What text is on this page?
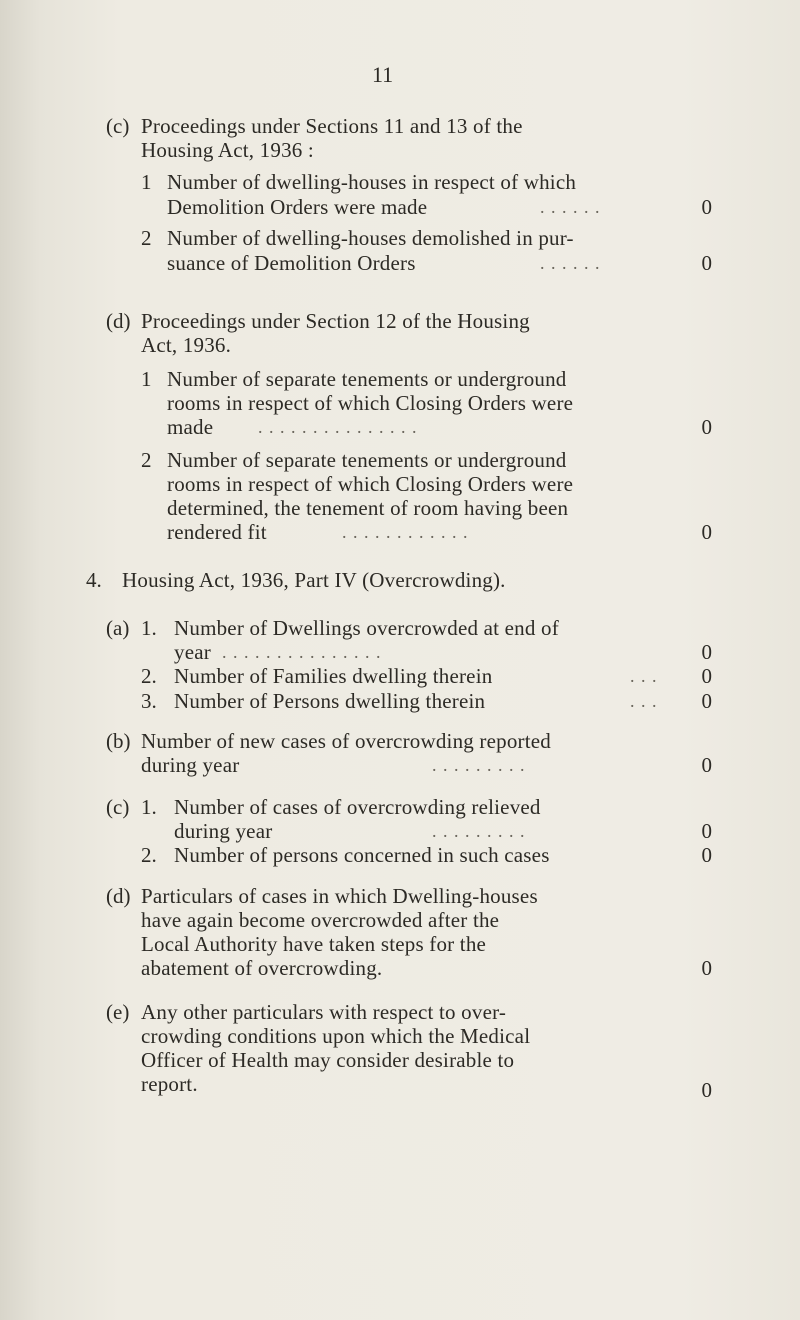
11
(c) Proceedings under Sections 11 and 13 of the
Housing Act, 1936 :
1 Number of dwelling-houses in respect of which
Demolition Orders were made	. . . . . .	0
2 Number of dwelling-houses demolished in pur-
suance of Demolition Orders	. . . . . .	0
(d) Proceedings under Section 12 of the Housing
Act, 1936.
1 Number of separate tenements or underground
rooms in respect of which Closing Orders were
made . . . . . . . . . . . . . . .	0
2 Number of separate tenements or underground
rooms in respect of which Closing Orders were
determined, the tenement of room having been
rendered fit	. . . . . . . . . . . .	0
4. Housing Act, 1936, Part IV (Overcrowding).
(a) 1. Number of Dwellings overcrowded at end of
year . . . . . . . . . . . . . . .	0
2. Number of Families dwelling therein	. . .	0
3. Number of Persons dwelling therein	. . .	0
(b) Number of new cases of overcrowding reported
during year	. . . . . . . . .	0
(c) 1. Number of cases of overcrowding relieved
during year	. . . . . . . . .	0
2. Number of persons concerned in such cases	0
(d) Particulars of cases in which Dwelling-houses
have again become overcrowded after the
Local Authority have taken steps for the
abatement of overcrowding.	0
(e) Any other particulars with respect to over-
crowding conditions upon which the Medical
Officer of Health may consider desirable to
report.	0
